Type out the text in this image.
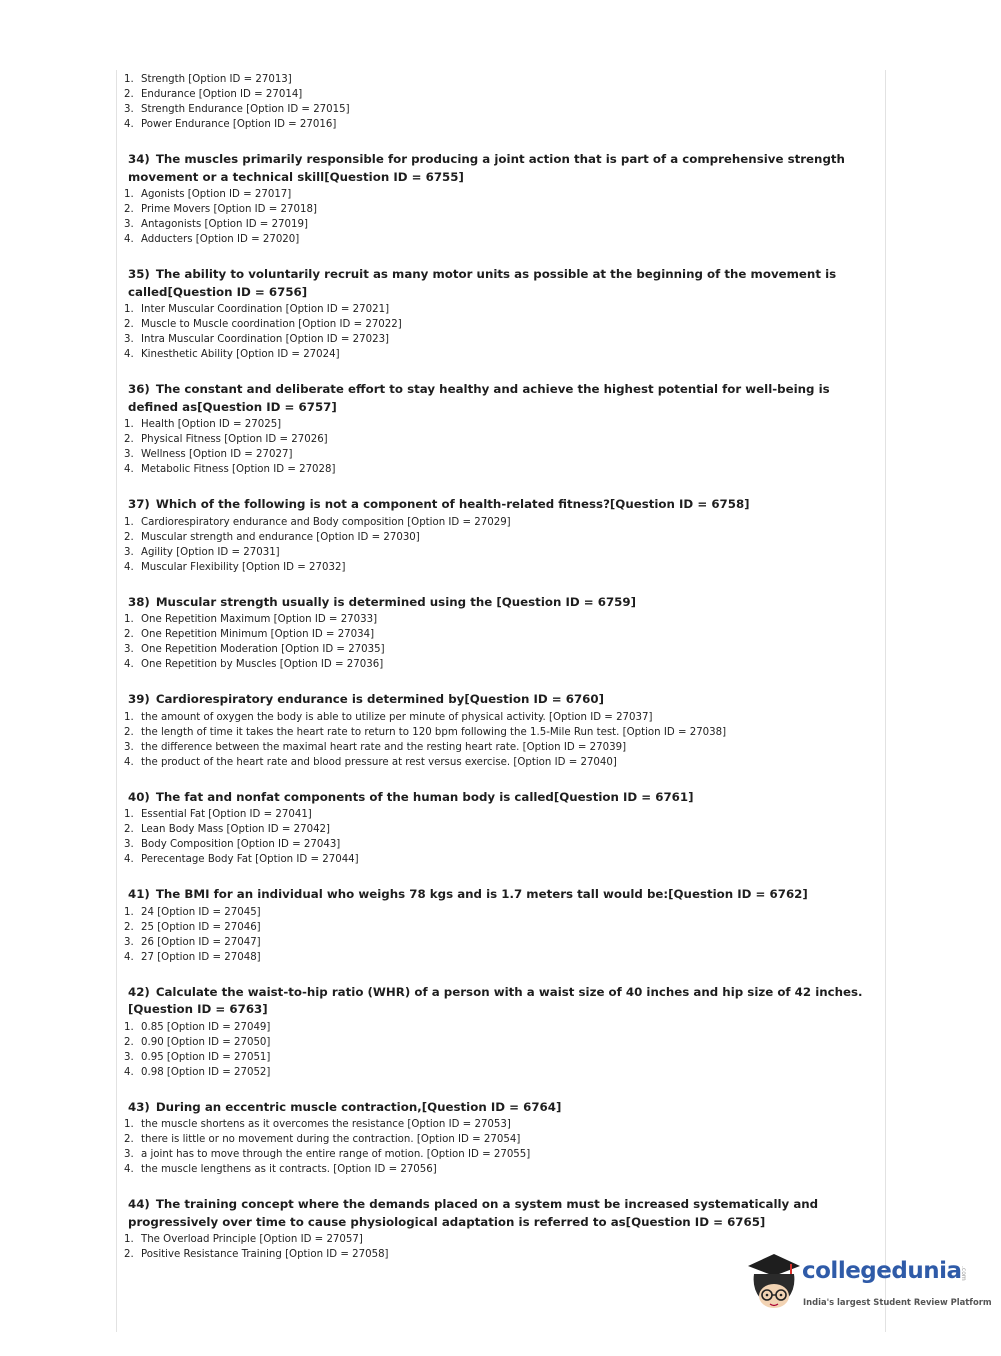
1. Strength [Option ID = 27013]
2. Endurance [Option ID = 27014]
3. Strength Endurance [Option ID = 27015]
4. Power Endurance [Option ID = 27016]
34) The muscles primarily responsible for producing a joint action that is part of a comprehensive strength movement or a technical skill[Question ID = 6755]
1. Agonists [Option ID = 27017]
2. Prime Movers [Option ID = 27018]
3. Antagonists [Option ID = 27019]
4. Adducters [Option ID = 27020]
35) The ability to voluntarily recruit as many motor units as possible at the beginning of the movement is called[Question ID = 6756]
1. Inter Muscular Coordination [Option ID = 27021]
2. Muscle to Muscle coordination [Option ID = 27022]
3. Intra Muscular Coordination [Option ID = 27023]
4. Kinesthetic Ability [Option ID = 27024]
36) The constant and deliberate effort to stay healthy and achieve the highest potential for well-being is defined as[Question ID = 6757]
1. Health [Option ID = 27025]
2. Physical Fitness [Option ID = 27026]
3. Wellness [Option ID = 27027]
4. Metabolic Fitness [Option ID = 27028]
37) Which of the following is not a component of health-related fitness?[Question ID = 6758]
1. Cardiorespiratory endurance and Body composition [Option ID = 27029]
2. Muscular strength and endurance [Option ID = 27030]
3. Agility [Option ID = 27031]
4. Muscular Flexibility [Option ID = 27032]
38) Muscular strength usually is determined using the [Question ID = 6759]
1. One Repetition Maximum [Option ID = 27033]
2. One Repetition Minimum [Option ID = 27034]
3. One Repetition Moderation [Option ID = 27035]
4. One Repetition by Muscles [Option ID = 27036]
39) Cardiorespiratory endurance is determined by[Question ID = 6760]
1. the amount of oxygen the body is able to utilize per minute of physical activity. [Option ID = 27037]
2. the length of time it takes the heart rate to return to 120 bpm following the 1.5-Mile Run test. [Option ID = 27038]
3. the difference between the maximal heart rate and the resting heart rate. [Option ID = 27039]
4. the product of the heart rate and blood pressure at rest versus exercise. [Option ID = 27040]
40) The fat and nonfat components of the human body is called[Question ID = 6761]
1. Essential Fat [Option ID = 27041]
2. Lean Body Mass [Option ID = 27042]
3. Body Composition [Option ID = 27043]
4. Perecentage Body Fat [Option ID = 27044]
41) The BMI for an individual who weighs 78 kgs and is 1.7 meters tall would be:[Question ID = 6762]
1. 24 [Option ID = 27045]
2. 25 [Option ID = 27046]
3. 26 [Option ID = 27047]
4. 27 [Option ID = 27048]
42) Calculate the waist-to-hip ratio (WHR) of a person with a waist size of 40 inches and hip size of 42 inches.[Question ID = 6763]
1. 0.85 [Option ID = 27049]
2. 0.90 [Option ID = 27050]
3. 0.95 [Option ID = 27051]
4. 0.98 [Option ID = 27052]
43) During an eccentric muscle contraction,[Question ID = 6764]
1. the muscle shortens as it overcomes the resistance [Option ID = 27053]
2. there is little or no movement during the contraction. [Option ID = 27054]
3. a joint has to move through the entire range of motion. [Option ID = 27055]
4. the muscle lengthens as it contracts. [Option ID = 27056]
44) The training concept where the demands placed on a system must be increased systematically and progressively over time to cause physiological adaptation is referred to as[Question ID = 6765]
1. The Overload Principle [Option ID = 27057]
2. Positive Resistance Training [Option ID = 27058]
collegedunia
.com
India's largest Student Review Platform
